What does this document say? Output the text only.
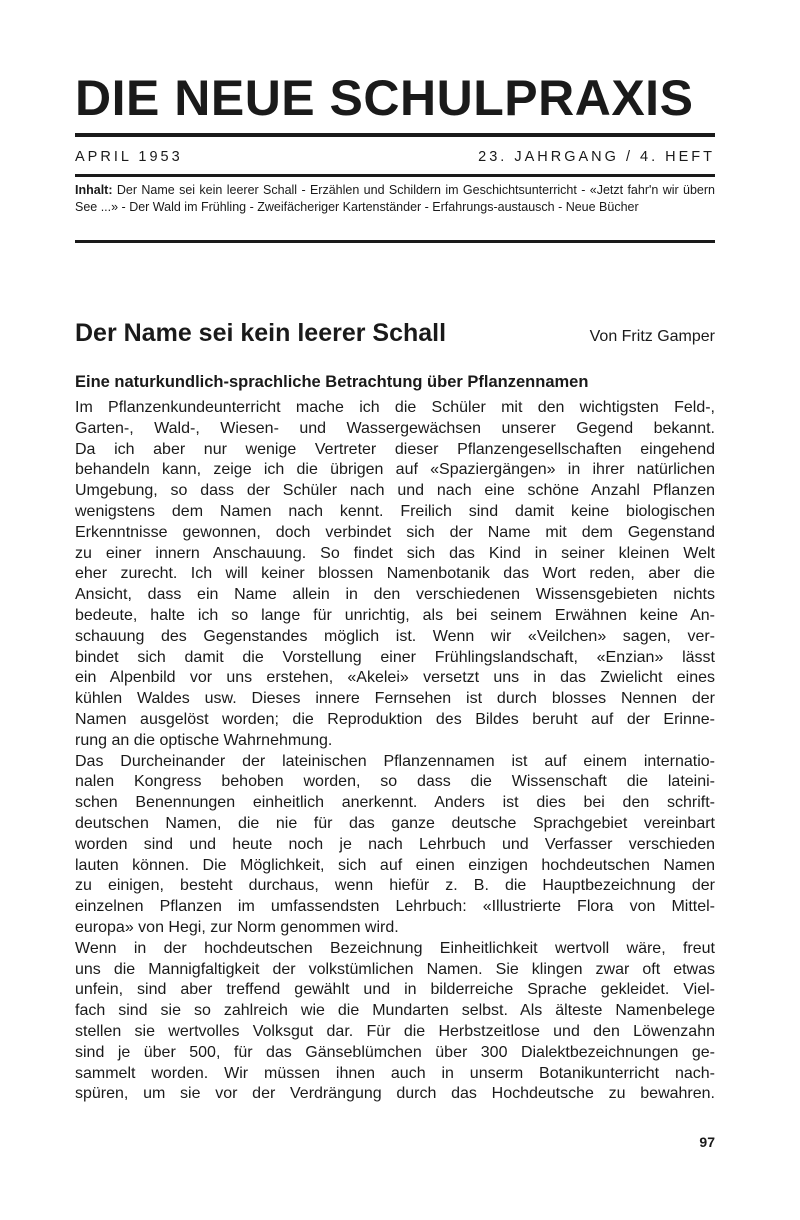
DIE NEUE SCHULPRAXIS
APRIL 1953	23. JAHRGANG / 4. HEFT
Inhalt: Der Name sei kein leerer Schall - Erzählen und Schildern im Geschichtsunterricht - «Jetzt fahr'n wir übern See ...» - Der Wald im Frühling - Zweifächeriger Kartenständer - Erfahrungs-austausch - Neue Bücher
Der Name sei kein leerer Schall	Von Fritz Gamper
Eine naturkundlich-sprachliche Betrachtung über Pflanzennamen
Im Pflanzenkundeunterricht mache ich die Schüler mit den wichtigsten Feld-,
Garten-, Wald-, Wiesen- und Wassergewächsen unserer Gegend bekannt.
Da ich aber nur wenige Vertreter dieser Pflanzengesellschaften eingehend
behandeln kann, zeige ich die übrigen auf «Spaziergängen» in ihrer natürlichen
Umgebung, so dass der Schüler nach und nach eine schöne Anzahl Pflanzen
wenigstens dem Namen nach kennt. Freilich sind damit keine biologischen
Erkenntnisse gewonnen, doch verbindet sich der Name mit dem Gegenstand
zu einer innern Anschauung. So findet sich das Kind in seiner kleinen Welt
eher zurecht. Ich will keiner blossen Namenbotanik das Wort reden, aber die
Ansicht, dass ein Name allein in den verschiedenen Wissensgebieten nichts
bedeute, halte ich so lange für unrichtig, als bei seinem Erwähnen keine An-
schauung des Gegenstandes möglich ist. Wenn wir «Veilchen» sagen, ver-
bindet sich damit die Vorstellung einer Frühlingslandschaft, «Enzian» lässt
ein Alpenbild vor uns erstehen, «Akelei» versetzt uns in das Zwielicht eines
kühlen Waldes usw. Dieses innere Fernsehen ist durch blosses Nennen der
Namen ausgelöst worden; die Reproduktion des Bildes beruht auf der Erinne-
rung an die optische Wahrnehmung.
Das Durcheinander der lateinischen Pflanzennamen ist auf einem internatio-
nalen Kongress behoben worden, so dass die Wissenschaft die lateini-
schen Benennungen einheitlich anerkennt. Anders ist dies bei den schrift-
deutschen Namen, die nie für das ganze deutsche Sprachgebiet vereinbart
worden sind und heute noch je nach Lehrbuch und Verfasser verschieden
lauten können. Die Möglichkeit, sich auf einen einzigen hochdeutschen Namen
zu einigen, besteht durchaus, wenn hiefür z. B. die Hauptbezeichnung der
einzelnen Pflanzen im umfassendsten Lehrbuch: «Illustrierte Flora von Mittel-
europa» von Hegi, zur Norm genommen wird.
Wenn in der hochdeutschen Bezeichnung Einheitlichkeit wertvoll wäre, freut
uns die Mannigfaltigkeit der volkstümlichen Namen. Sie klingen zwar oft etwas
unfein, sind aber treffend gewählt und in bilderreiche Sprache gekleidet. Viel-
fach sind sie so zahlreich wie die Mundarten selbst. Als älteste Namenbelege
stellen sie wertvolles Volksgut dar. Für die Herbstzeitlose und den Löwenzahn
sind je über 500, für das Gänseblümchen über 300 Dialektbezeichnungen ge-
sammelt worden. Wir müssen ihnen auch in unserm Botanikunterricht nach-
spüren, um sie vor der Verdrängung durch das Hochdeutsche zu bewahren.
97
